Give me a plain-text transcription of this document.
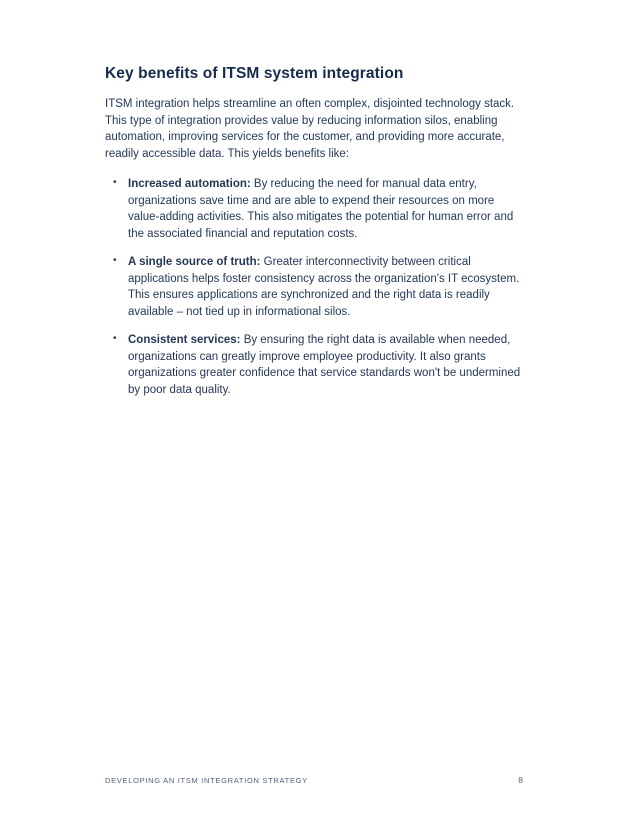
Key benefits of ITSM system integration

ITSM integration helps streamline an often complex, disjointed technology stack. This type of integration provides value by reducing information silos, enabling automation, improving services for the customer, and providing more accurate, readily accessible data. This yields benefits like:

• Increased automation: By reducing the need for manual data entry, organizations save time and are able to expend their resources on more value-adding activities. This also mitigates the potential for human error and the associated financial and reputation costs.
• A single source of truth: Greater interconnectivity between critical applications helps foster consistency across the organization's IT ecosystem. This ensures applications are synchronized and the right data is readily available – not tied up in informational silos.
• Consistent services: By ensuring the right data is available when needed, organizations can greatly improve employee productivity. It also grants organizations greater confidence that service standards won't be undermined by poor data quality.
DEVELOPING AN ITSM INTEGRATION STRATEGY	8
